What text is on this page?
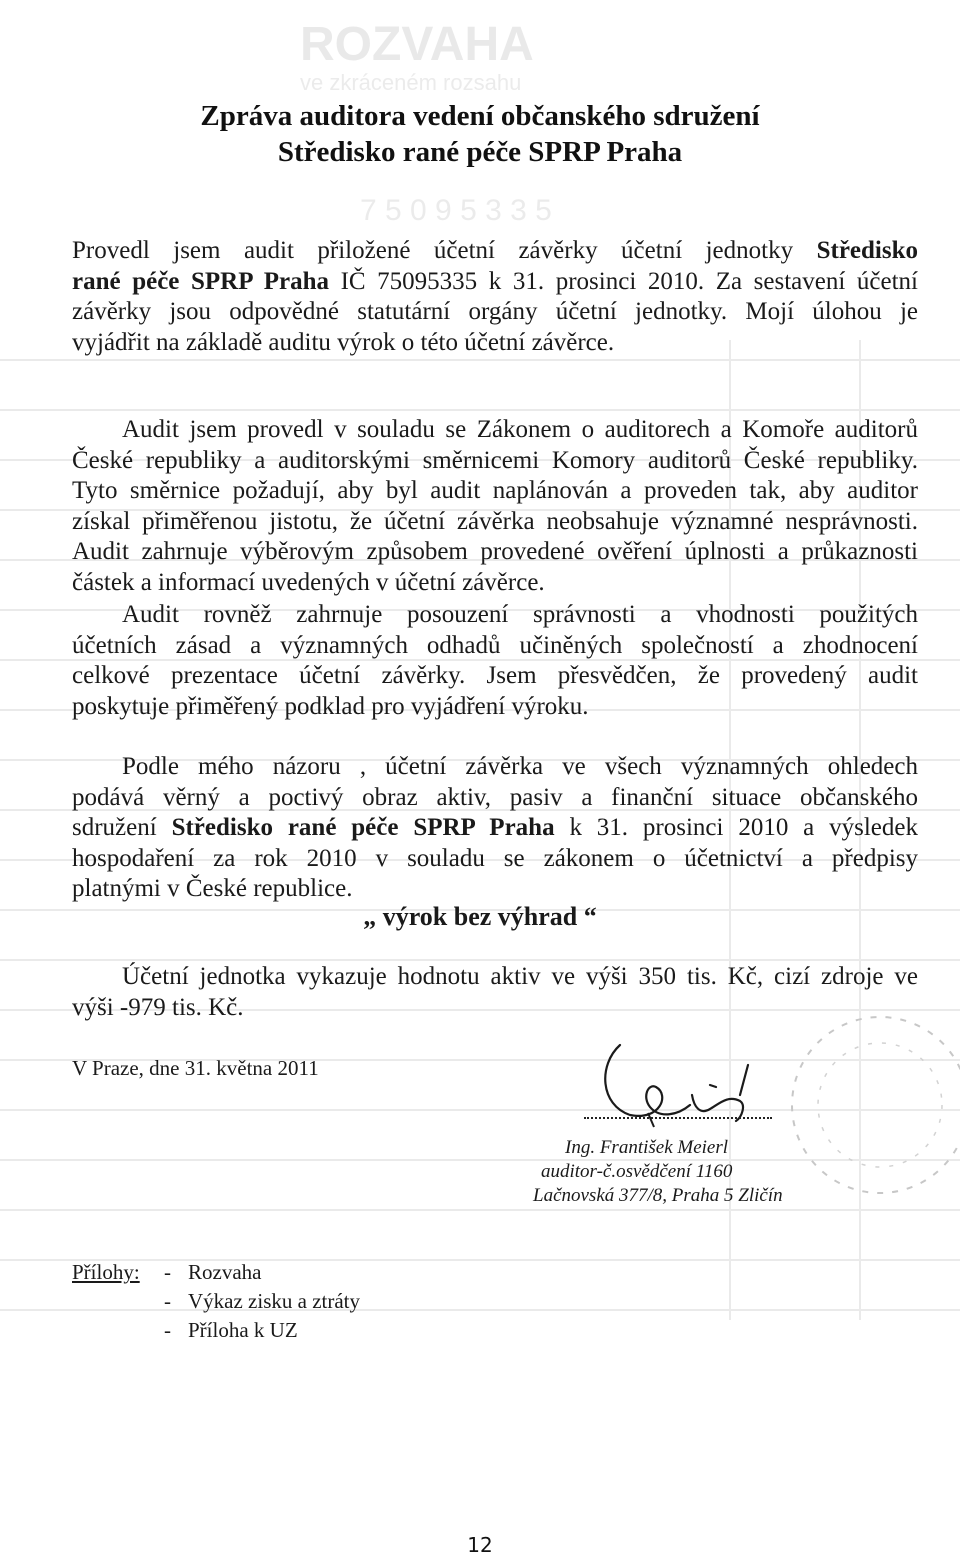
ROZVAHA
ve zkráceném rozsahu
7 5 0 9 5 3 3 5
Zpráva auditora vedení občanského sdružení
Středisko rané péče SPRP Praha
Provedl jsem audit přiložené účetní závěrky účetní jednotky Středisko
rané péče SPRP Praha IČ 75095335 k 31. prosinci 2010. Za sestavení účetní
závěrky jsou odpovědné statutární orgány účetní jednotky. Mojí úlohou je
vyjádřit na základě auditu výrok o této účetní závěrce.
Audit jsem provedl v souladu se Zákonem o auditorech a Komoře auditorů
České republiky a auditorskými směrnicemi Komory auditorů České republiky.
Tyto směrnice požadují, aby byl audit naplánován a proveden tak, aby auditor
získal přiměřenou jistotu, že účetní závěrka neobsahuje významné nesprávnosti.
Audit zahrnuje výběrovým způsobem provedené ověření úplnosti a průkaznosti
částek a informací uvedených v účetní závěrce.
Audit rovněž zahrnuje posouzení správnosti a vhodnosti použitých
účetních zásad a významných odhadů učiněných společností a zhodnocení
celkové prezentace účetní závěrky. Jsem přesvědčen, že provedený audit
poskytuje přiměřený podklad pro vyjádření výroku.
Podle mého názoru , účetní závěrka ve všech významných ohledech
podává věrný a poctivý obraz aktiv, pasiv a finanční situace občanského
sdružení Středisko rané péče SPRP Praha k 31. prosinci 2010 a výsledek
hospodaření za rok 2010 v souladu se zákonem o účetnictví a předpisy
platnými v České republice.
„ výrok bez výhrad “
Účetní jednotka vykazuje hodnotu aktiv ve výši 350 tis. Kč, cizí zdroje ve
výši -979 tis. Kč.
V Praze, dne 31. května 2011
Ing. František Meierl
auditor-č.osvědčení 1160
Lačnovská 377/8, Praha 5 Zličín
Přílohy: - Rozvaha
- Výkaz zisku a ztráty
- Příloha k UZ
12
